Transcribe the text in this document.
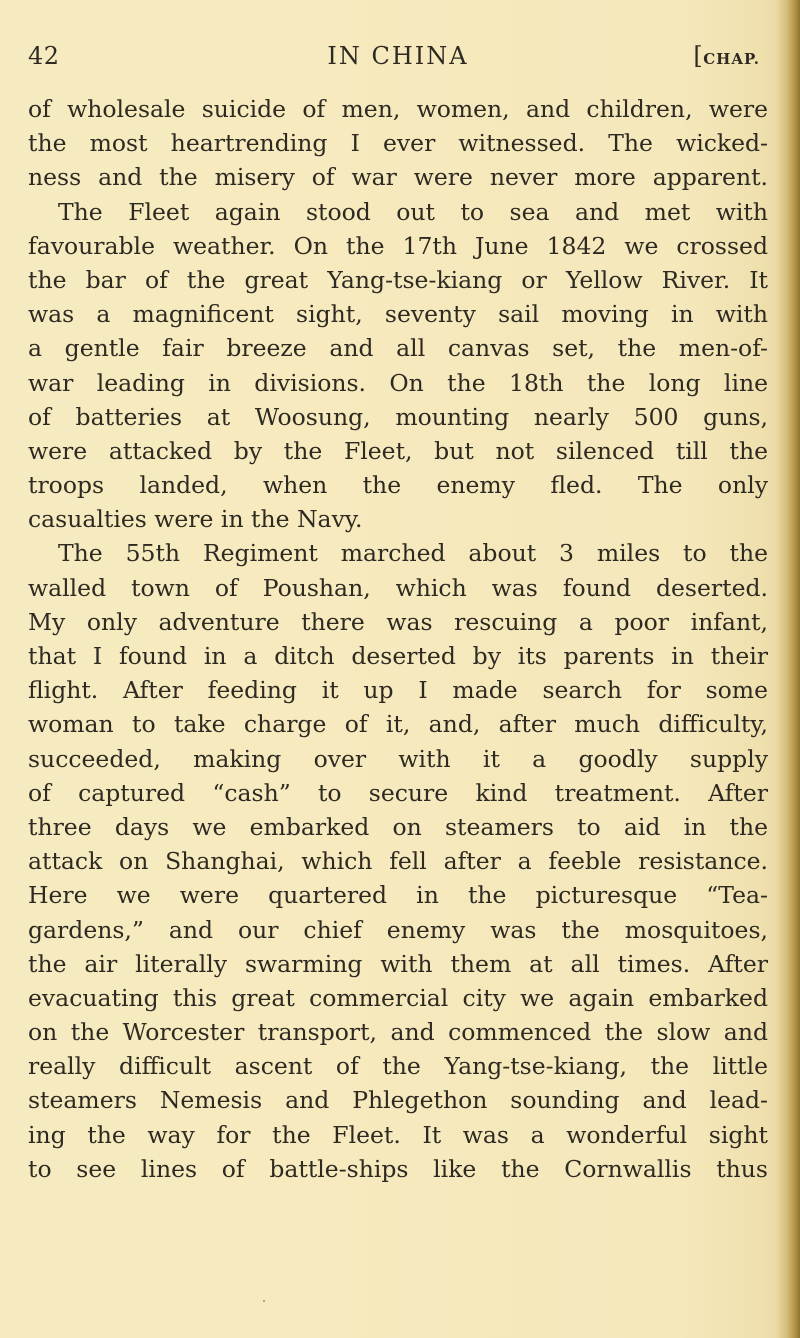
42	IN CHINA	[CHAP.
of wholesale suicide of men, women, and children, were
the most heartrending I ever witnessed. The wicked-
ness and the misery of war were never more apparent.
The Fleet again stood out to sea and met with
favourable weather. On the 17th June 1842 we crossed
the bar of the great Yang-tse-kiang or Yellow River. It
was a magnificent sight, seventy sail moving in with
a gentle fair breeze and all canvas set, the men-of-
war leading in divisions. On the 18th the long line
of batteries at Woosung, mounting nearly 500 guns,
were attacked by the Fleet, but not silenced till the
troops landed, when the enemy fled. The only
casualties were in the Navy.
The 55th Regiment marched about 3 miles to the
walled town of Poushan, which was found deserted.
My only adventure there was rescuing a poor infant,
that I found in a ditch deserted by its parents in their
flight. After feeding it up I made search for some
woman to take charge of it, and, after much difficulty,
succeeded, making over with it a goodly supply
of captured “cash” to secure kind treatment. After
three days we embarked on steamers to aid in the
attack on Shanghai, which fell after a feeble resistance.
Here we were quartered in the picturesque “Tea-
gardens,” and our chief enemy was the mosquitoes,
the air literally swarming with them at all times. After
evacuating this great commercial city we again embarked
on the Worcester transport, and commenced the slow and
really difficult ascent of the Yang-tse-kiang, the little
steamers Nemesis and Phlegethon sounding and lead-
ing the way for the Fleet. It was a wonderful sight
to see lines of battle-ships like the Cornwallis thus
